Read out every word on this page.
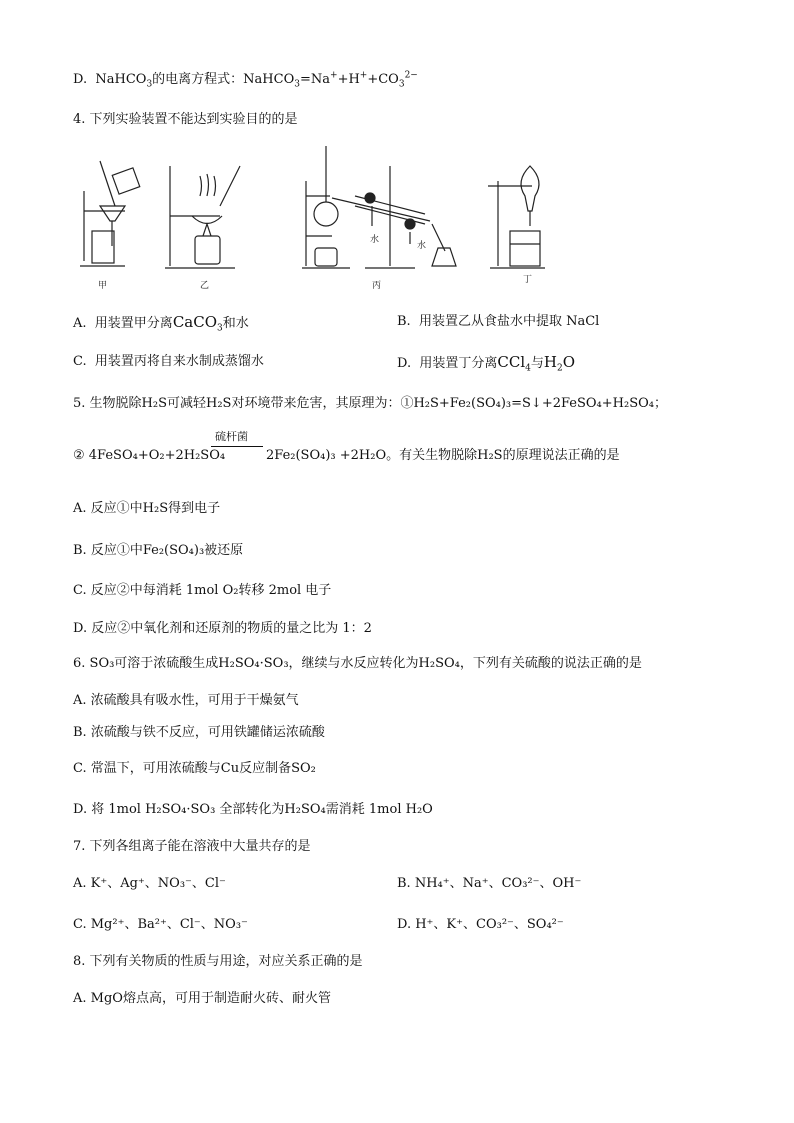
D. NaHCO$_3$的电离方程式：$NaHCO_3=Na^++H^++CO_3^{2-}$
4. 下列实验装置不能达到实验目的的是
水
水
甲	乙	丙
丁
A. 用装置甲分离CaCO$_3$和水	B. 用装置乙从食盐水中提取 NaCl
C. 用装置丙将自来水制成蒸馏水	D. 用装置丁分离CCl$_4$与$H_2O$
5. 生物脱除H₂S可减轻H₂S对环境带来危害，其原理为：①H₂S+Fe₂(SO₄)₃=S↓+2FeSO₄+H₂SO₄；
硫杆菌
② 4FeSO₄+O₂+2H₂SO₄	2Fe₂(SO₄)₃ +2H₂O。有关生物脱除H₂S的原理说法正确的是
A. 反应①中H₂S得到电子
B. 反应①中Fe₂(SO₄)₃被还原
C. 反应②中每消耗 1mol O₂转移 2mol 电子
D. 反应②中氧化剂和还原剂的物质的量之比为 1：2
6. SO₃可溶于浓硫酸生成H₂SO₄·SO₃，继续与水反应转化为H₂SO₄，下列有关硫酸的说法正确的是
A. 浓硫酸具有吸水性，可用于干燥氨气
B. 浓硫酸与铁不反应，可用铁罐储运浓硫酸
C. 常温下，可用浓硫酸与Cu反应制备SO₂
D. 将 1mol H₂SO₄·SO₃ 全部转化为H₂SO₄需消耗 1mol H₂O
7. 下列各组离子能在溶液中大量共存的是
A. K⁺、Ag⁺、NO₃⁻、Cl⁻	B. NH₄⁺、Na⁺、CO₃²⁻、OH⁻
C. Mg²⁺、Ba²⁺、Cl⁻、NO₃⁻	D. H⁺、K⁺、CO₃²⁻、SO₄²⁻
8. 下列有关物质的性质与用途，对应关系正确的是
A. MgO熔点高，可用于制造耐火砖、耐火管
